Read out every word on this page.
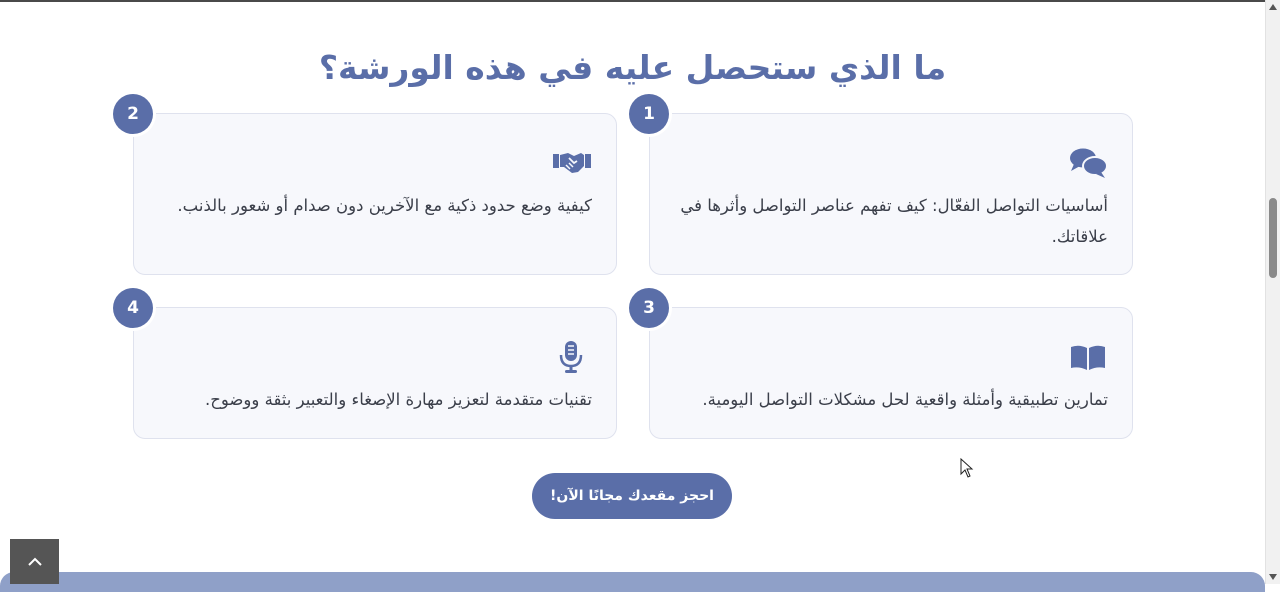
ما الذي ستحصل عليه في هذه الورشة؟
أساسيات التواصل الفعّال: كيف تفهم عناصر التواصل وأثرها في علاقاتك.
1
كيفية وضع حدود ذكية مع الآخرين دون صدام أو شعور بالذنب.
2
تمارين تطبيقية وأمثلة واقعية لحل مشكلات التواصل اليومية.
3
تقنيات متقدمة لتعزيز مهارة الإصغاء والتعبير بثقة ووضوح.
4
احجز مقعدك مجانًا الآن!
